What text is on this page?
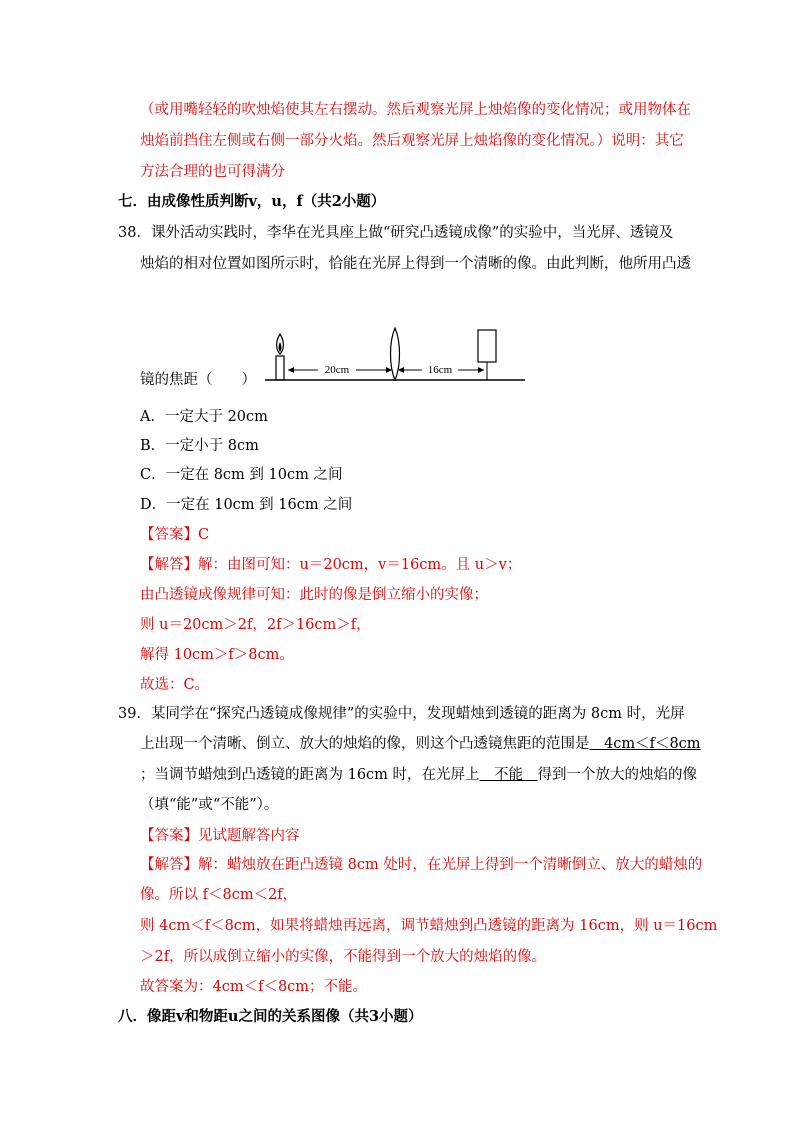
（或用嘴轻轻的吹烛焰使其左右摆动。然后观察光屏上烛焰像的变化情况；或用物体在
烛焰前挡住左侧或右侧一部分火焰。然后观察光屏上烛焰像的变化情况。）说明：其它
方法合理的也可得满分
七．由成像性质判断v，u，f（共2小题）
38．课外活动实践时，李华在光具座上做“研究凸透镜成像”的实验中，当光屏、透镜及
烛焰的相对位置如图所示时，恰能在光屏上得到一个清晰的像。由此判断，他所用凸透
20cm	16cm
镜的焦距（　　）
A．一定大于 20cm
B．一定小于 8cm
C．一定在 8cm 到 10cm 之间
D．一定在 10cm 到 16cm 之间
【答案】C
【解答】解：由图可知：u＝20cm，v＝16cm。且 u＞v；
由凸透镜成像规律可知：此时的像是倒立缩小的实像；
则 u＝20cm＞2f，2f＞16cm＞f，
解得 10cm＞f＞8cm。
故选：C。
39．某同学在“探究凸透镜成像规律”的实验中，发现蜡烛到透镜的距离为 8cm 时，光屏
上出现一个清晰、倒立、放大的烛焰的像，则这个凸透镜焦距的范围是　4cm＜f＜8cm
；当调节蜡烛到凸透镜的距离为 16cm 时，在光屏上　不能　得到一个放大的烛焰的像
（填“能”或“不能”）。
【答案】见试题解答内容
【解答】解：蜡烛放在距凸透镜 8cm 处时，在光屏上得到一个清晰倒立、放大的蜡烛的
像。所以 f＜8cm＜2f，
则 4cm＜f＜8cm，如果将蜡烛再远离，调节蜡烛到凸透镜的距离为 16cm，则 u＝16cm
＞2f，所以成倒立缩小的实像，不能得到一个放大的烛焰的像。
故答案为：4cm＜f＜8cm；不能。
八．像距v和物距u之间的关系图像（共3小题）
